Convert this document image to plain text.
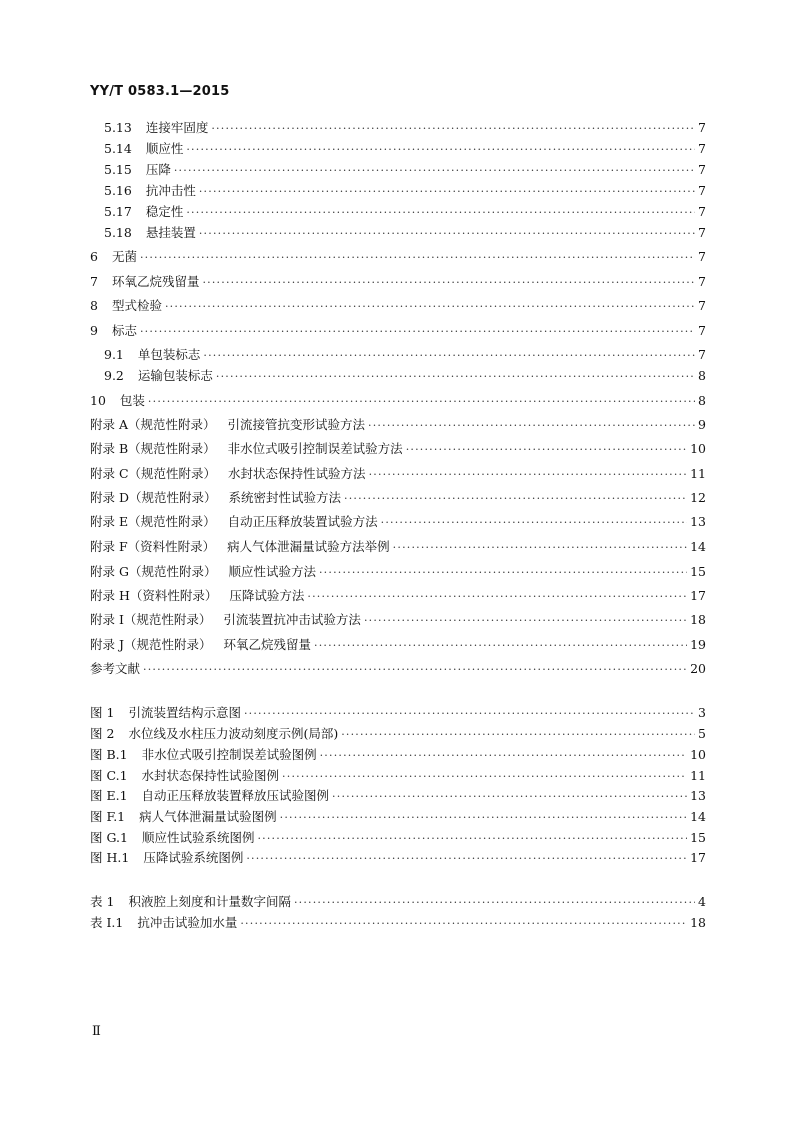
YY/T 0583.1—2015
5.13 连接牢固度 ·····	7
5.14 顺应性 ·····	7
5.15 压降 ·····	7
5.16 抗冲击性 ·····	7
5.17 稳定性 ·····	7
5.18 悬挂装置 ·····	7
6 无菌 ·····	7
7 环氧乙烷残留量 ·····	7
8 型式检验 ·····	7
9 标志 ·····	7
9.1 单包装标志 ·····	7
9.2 运输包装标志 ·····	8
10 包装 ·····	8
附录 A（规范性附录） 引流接管抗变形试验方法 ·····	9
附录 B（规范性附录） 非水位式吸引控制误差试验方法 ·····	10
附录 C（规范性附录） 水封状态保持性试验方法 ·····	11
附录 D（规范性附录） 系统密封性试验方法 ·····	12
附录 E（规范性附录） 自动正压释放装置试验方法 ·····	13
附录 F（资料性附录） 病人气体泄漏量试验方法举例 ·····	14
附录 G（规范性附录） 顺应性试验方法 ·····	15
附录 H（资料性附录） 压降试验方法 ·····	17
附录 I（规范性附录） 引流装置抗冲击试验方法 ·····	18
附录 J（规范性附录） 环氧乙烷残留量 ·····	19
参考文献 ·····	20
图 1 引流装置结构示意图 ·····	3
图 2 水位线及水柱压力波动刻度示例(局部) ·····	5
图 B.1 非水位式吸引控制误差试验图例 ·····	10
图 C.1 水封状态保持性试验图例 ·····	11
图 E.1 自动正压释放装置释放压试验图例 ·····	13
图 F.1 病人气体泄漏量试验图例 ·····	14
图 G.1 顺应性试验系统图例 ·····	15
图 H.1 压降试验系统图例 ·····	17
表 1 积液腔上刻度和计量数字间隔 ·····	4
表 I.1 抗冲击试验加水量 ·····	18
Ⅱ
